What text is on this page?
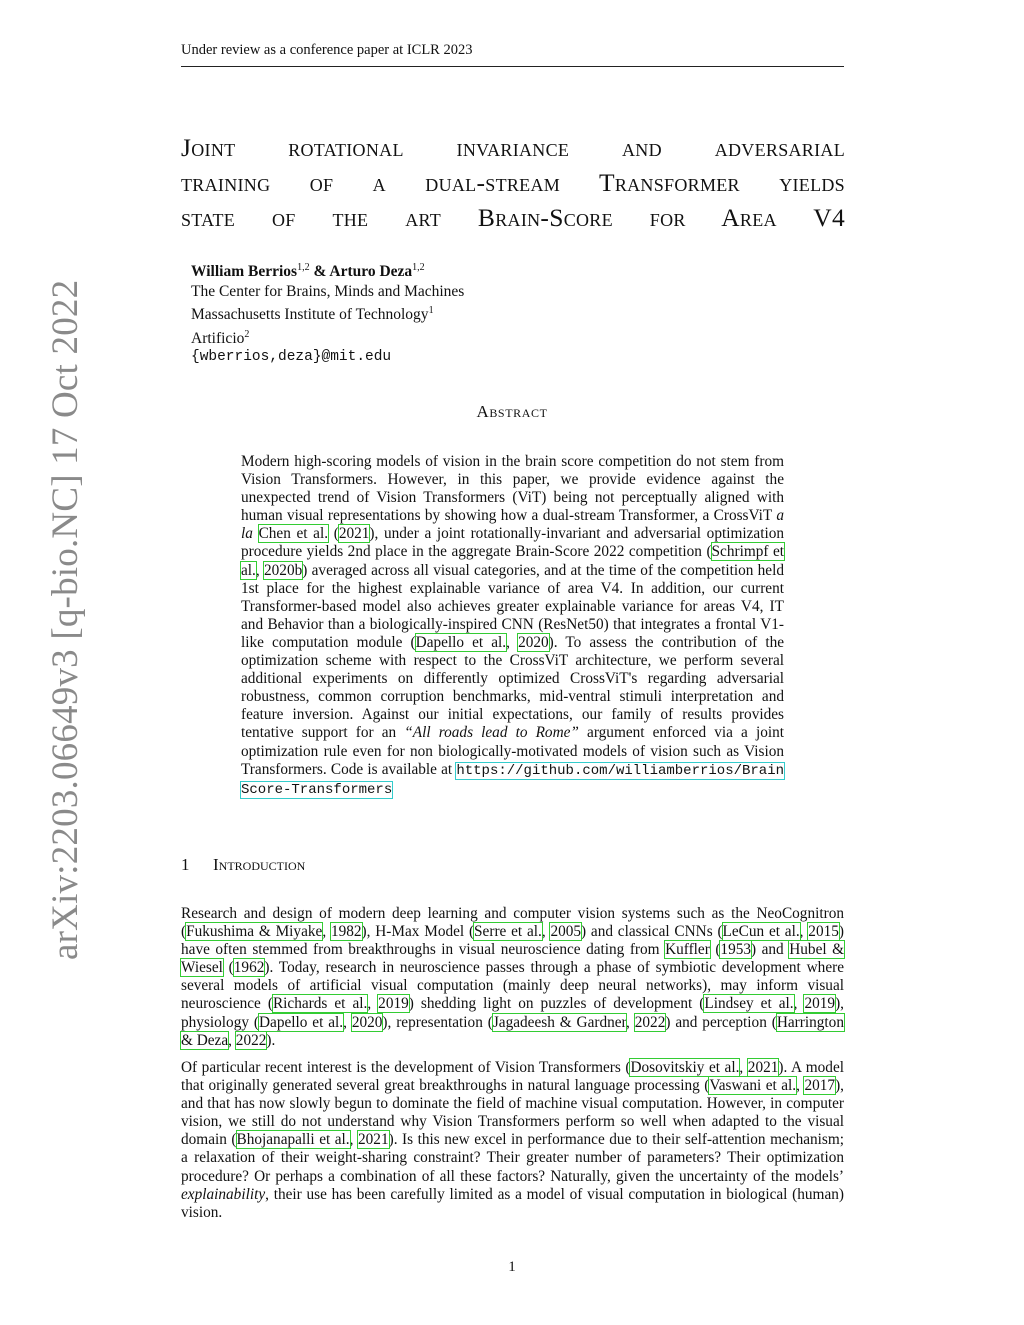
Under review as a conference paper at ICLR 2023
arXiv:2203.06649v3 [q-bio.NC] 17 Oct 2022
Joint rotational invariance and adversarial
training of a dual-stream Transformer yields
state of the art Brain-Score for Area V4
William Berrios$^{1,2}$ & Arturo Deza$^{1,2}$
The Center for Brains, Minds and Machines
Massachusetts Institute of Technology$^1$
Artificio$^2$
{wberrios,deza}@mit.edu
Abstract
Modern high-scoring models of vision in the brain score competition do not stem from Vision Transformers. However, in this paper, we provide evidence against the unexpected trend of Vision Transformers (ViT) being not perceptually aligned with human visual representations by showing how a dual-stream Transformer, a CrossViT a la Chen et al. (2021), under a joint rotationally-invariant and adversarial optimization procedure yields 2nd place in the aggregate Brain-Score 2022 competition (Schrimpf et al., 2020b) averaged across all visual categories, and at the time of the competition held 1st place for the highest explainable variance of area V4. In addition, our current Transformer-based model also achieves greater explainable variance for areas V4, IT and Behavior than a biologically-inspired CNN (ResNet50) that integrates a frontal V1-like computation module (Dapello et al., 2020). To assess the contribution of the optimization scheme with respect to the CrossViT architecture, we perform several additional experiments on differently optimized CrossViT's regarding adversarial robustness, common corruption benchmarks, mid-ventral stimuli interpretation and feature inversion. Against our initial expectations, our family of results provides tentative support for an “All roads lead to Rome” argument enforced via a joint optimization rule even for non biologically-motivated models of vision such as Vision Transformers. Code is available at https://github.com/williamberrios/BrainScore-Transformers
1 Introduction
Research and design of modern deep learning and computer vision systems such as the NeoCognitron (Fukushima & Miyake, 1982), H-Max Model (Serre et al., 2005) and classical CNNs (LeCun et al., 2015) have often stemmed from breakthroughs in visual neuroscience dating from Kuffler (1953) and Hubel & Wiesel (1962). Today, research in neuroscience passes through a phase of symbiotic development where several models of artificial visual computation (mainly deep neural networks), may inform visual neuroscience (Richards et al., 2019) shedding light on puzzles of development (Lindsey et al., 2019), physiology (Dapello et al., 2020), representation (Jagadeesh & Gardner, 2022) and perception (Harrington & Deza, 2022).
Of particular recent interest is the development of Vision Transformers (Dosovitskiy et al., 2021). A model that originally generated several great breakthroughs in natural language processing (Vaswani et al., 2017), and that has now slowly begun to dominate the field of machine visual computation. However, in computer vision, we still do not understand why Vision Transformers perform so well when adapted to the visual domain (Bhojanapalli et al., 2021). Is this new excel in performance due to their self-attention mechanism; a relaxation of their weight-sharing constraint? Their greater number of parameters? Their optimization procedure? Or perhaps a combination of all these factors? Naturally, given the uncertainty of the models’ explainability, their use has been carefully limited as a model of visual computation in biological (human) vision.
1
